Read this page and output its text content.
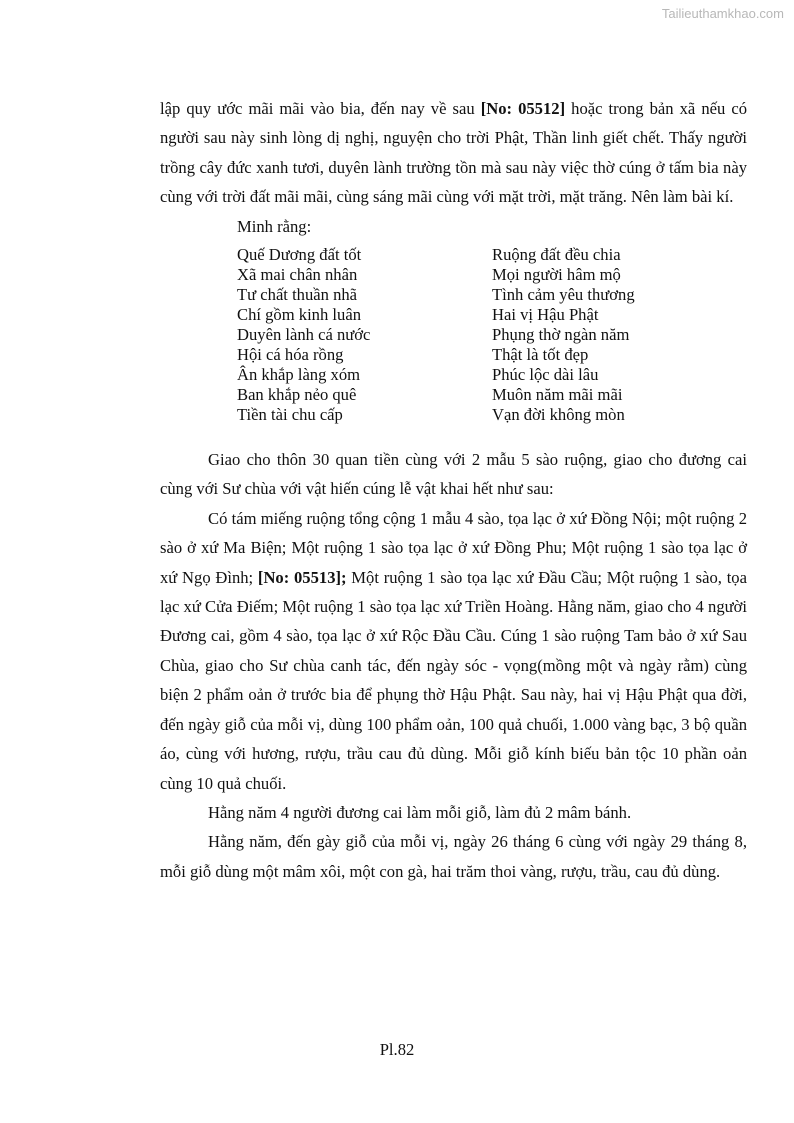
Tailieuthamkhao.com

lập quy ước mãi mãi vào bia, đến nay về sau [No: 05512] hoặc trong bản xã nếu có người sau này sinh lòng dị nghị, nguyện cho trời Phật, Thần linh giết chết. Thấy người trồng cây đức xanh tươi, duyên lành trường tồn mà sau này việc thờ cúng ở tấm bia này cùng với trời đất mãi mãi, cùng sáng mãi cùng với mặt trời, mặt trăng. Nên làm bài kí.

Minh rằng:

Quế Dương đất tốt
Xã mai chân nhân
Tư chất thuần nhã
Chí gồm kinh luân
Duyên lành cá nước
Hội cá hóa rồng
Ân khắp làng xóm
Ban khắp nẻo quê
Tiền tài chu cấp
Ruộng đất đều chia
Mọi người hâm mộ
Tình cảm yêu thương
Hai vị Hậu Phật
Phụng thờ ngàn năm
Thật là tốt đẹp
Phúc lộc dài lâu
Muôn năm mãi mãi
Vạn đời không mòn

Giao cho thôn 30 quan tiền cùng với 2 mẫu 5 sào ruộng, giao cho đương cai cùng với Sư chùa với vật hiến cúng lễ vật khai hết như sau:

Có tám miếng ruộng tổng cộng 1 mẫu 4 sào, tọa lạc ở xứ Đồng Nội; một ruộng 2 sào ở xứ Ma Biện; Một ruộng 1 sào tọa lạc ở xứ Đồng Phu; Một ruộng 1 sào tọa lạc ở xứ Ngọ Đình; [No: 05513]; Một ruộng 1 sào tọa lạc xứ Đầu Cầu; Một ruộng 1 sào, tọa lạc xứ Cửa Điếm; Một ruộng 1 sào tọa lạc xứ Triền Hoàng. Hằng năm, giao cho 4 người Đương cai, gồm 4 sào, tọa lạc ở xứ Rộc Đầu Cầu. Cúng 1 sào ruộng Tam bảo ở xứ Sau Chùa, giao cho Sư chùa canh tác, đến ngày sóc - vọng(mồng một và ngày rằm) cùng biện 2 phẩm oản ở trước bia để phụng thờ Hậu Phật. Sau này, hai vị Hậu Phật qua đời, đến ngày giỗ của mỗi vị, dùng 100 phẩm oản, 100 quả chuối, 1.000 vàng bạc, 3 bộ quần áo, cùng với hương, rượu, trầu cau đủ dùng. Mỗi giỗ kính biếu bản tộc 10 phần oản cùng 10 quả chuối.

Hằng năm 4 người đương cai làm mỗi giỗ, làm đủ 2 mâm bánh.

Hằng năm, đến gày giỗ của mỗi vị, ngày 26 tháng 6 cùng với ngày 29 tháng 8, mỗi giỗ dùng một mâm xôi, một con gà, hai trăm thoi vàng, rượu, trầu, cau đủ dùng.

Pl.82
